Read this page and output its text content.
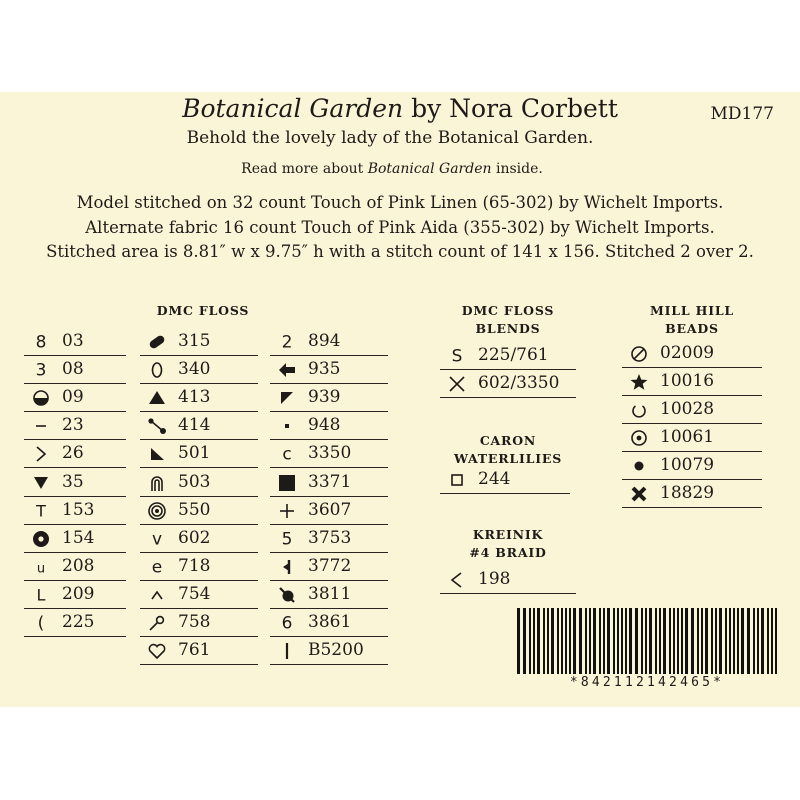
Botanical Garden by Nora Corbett	MD177
Behold the lovely lady of the Botanical Garden.
Read more about Botanical Garden inside.
Model stitched on 32 count Touch of Pink Linen (65-302) by Wichelt Imports.
Alternate fabric 16 count Touch of Pink Aida (355-302) by Wichelt Imports.
Stitched area is 8.81″ w x 9.75″ h with a stitch count of 141 x 156. Stitched 2 over 2.
DMC FLOSS	DMC FLOSS
BLENDS
CARON
WATERLILIES
KREINIK
#4 BRAID
MILL HILL
BEADS
8 03
3 08
09
23
26
35
T 153
154
u 208
L 209
( 225
315
340
413
414
501
503
550
v 602
e 718
754
758
761
2 894
935
939
948
c 3350
3371
3607
5 3753
3772
3811
6 3861
B5200
S 225/761
602/3350
244
198
02009
10016
10028
10061
10079
18829
*842112142465*
